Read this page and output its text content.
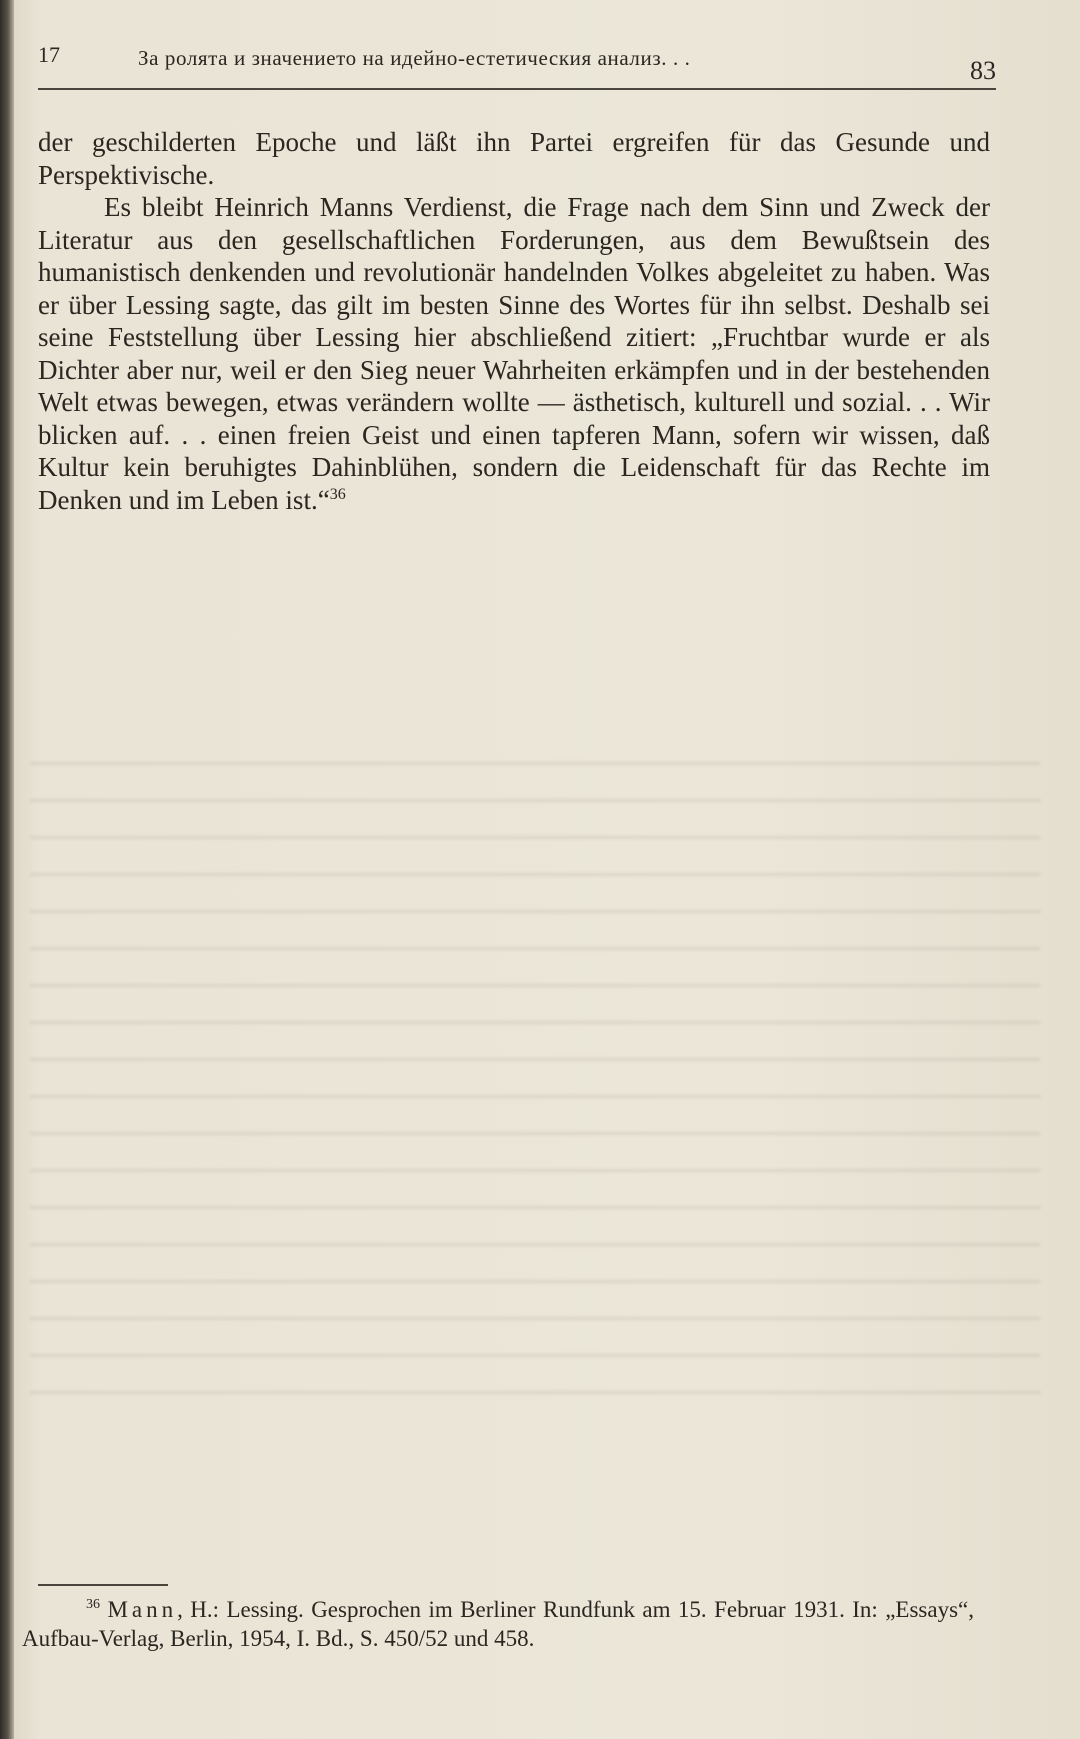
17	За ролята и значението на идейно-естетическия анализ. . .	83

der geschilderten Epoche und läßt ihn Partei ergreifen für das Gesunde und Perspektivische.

Es bleibt Heinrich Manns Verdienst, die Frage nach dem Sinn und Zweck der Literatur aus den gesellschaftlichen Forderungen, aus dem Bewußtsein des humanistisch denkenden und revolutionär handelnden Volkes abgeleitet zu haben. Was er über Lessing sagte, das gilt im besten Sinne des Wortes für ihn selbst. Deshalb sei seine Feststellung über Lessing hier abschließend zitiert: „Fruchtbar wurde er als Dichter aber nur, weil er den Sieg neuer Wahrheiten erkämpfen und in der bestehenden Welt etwas bewegen, etwas verändern wollte — ästhetisch, kulturell und sozial. . . Wir blicken auf. . . einen freien Geist und einen tapferen Mann, sofern wir wissen, daß Kultur kein beruhigtes Dahinblühen, sondern die Leidenschaft für das Rechte im Denken und im Leben ist.“$^{36}$

$^{36}$ Mann, H.: Lessing. Gesprochen im Berliner Rundfunk am 15. Februar 1931. In: „Essays“, Aufbau-Verlag, Berlin, 1954, I. Bd., S. 450/52 und 458.
